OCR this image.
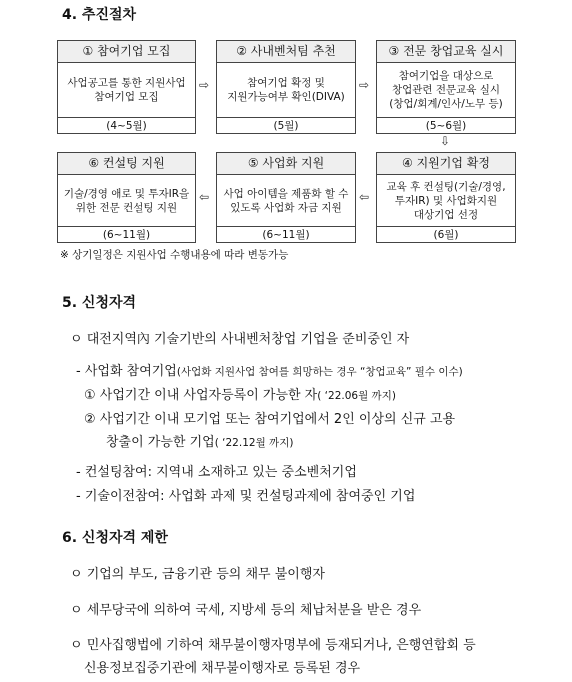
4. 추진절차
① 참여기업 모집
사업공고를 통한 지원사업
참여기업 모집
(4~5월)
⇨
② 사내벤처팀 추천
참여기업 확정 및
지원가능여부 확인(DIVA)
(5월)
⇨
③ 전문 창업교육 실시
참여기업을 대상으로
창업관련 전문교육 실시
(창업/회계/인사/노무 등)
(5~6월)
⇩
⑥ 컨설팅 지원
기술/경영 애로 및 투자IR을
위한 전문 컨설팅 지원
(6~11월)
⇦
⑤ 사업화 지원
사업 아이템을 제품화 할 수
있도록 사업화 자금 지원
(6~11월)
⇦
④ 지원기업 확정
교육 후 컨설팅(기술/경영,
투자IR) 및 사업화지원
대상기업 선정
(6월)
※ 상기일정은 지원사업 수행내용에 따라 변동가능
5. 신청자격
ㅇ 대전지역內 기술기반의 사내벤처창업 기업을 준비중인 자
- 사업화 참여기업(사업화 지원사업 참여를 희망하는 경우 “창업교육” 필수 이수)
① 사업기간 이내 사업자등록이 가능한 자( ‘22.06월 까지)
② 사업기간 이내 모기업 또는 참여기업에서 2인 이상의 신규 고용
창출이 가능한 기업( ‘22.12월 까지)
- 컨설팅참여: 지역내 소재하고 있는 중소벤처기업
- 기술이전참여: 사업화 과제 및 컨설팅과제에 참여중인 기업
6. 신청자격 제한
ㅇ 기업의 부도, 금융기관 등의 채무 불이행자
ㅇ 세무당국에 의하여 국세, 지방세 등의 체납처분을 받은 경우
ㅇ 민사집행법에 기하여 채무불이행자명부에 등재되거나, 은행연합회 등
신용정보집중기관에 채무불이행자로 등록된 경우
